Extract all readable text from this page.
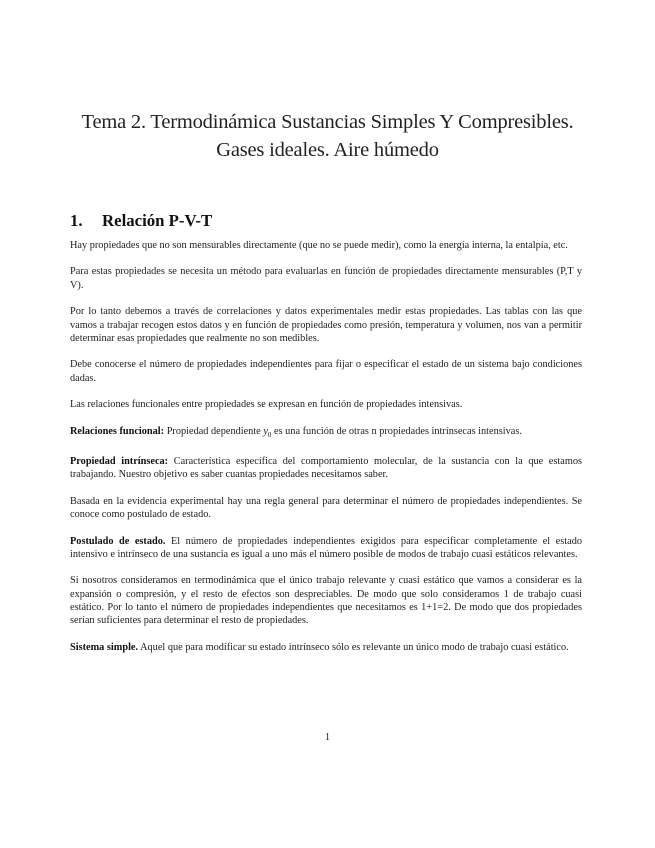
Tema 2. Termodinámica Sustancias Simples Y Compresibles. Gases ideales. Aire húmedo
1. Relación P-V-T

Hay propiedades que no son mensurables directamente (que no se puede medir), como la energía interna, la entalpía, etc.

Para estas propiedades se necesita un método para evaluarlas en función de propiedades directamente mensurables (P,T y V).

Por lo tanto debemos a través de correlaciones y datos experimentales medir estas propiedades. Las tablas con las que vamos a trabajar recogen estos datos y en función de propiedades como presión, temperatura y volumen, nos van a permitir determinar esas propiedades que realmente no son medibles.

Debe conocerse el número de propiedades independientes para fijar o especificar el estado de un sistema bajo condiciones dadas.

Las relaciones funcionales entre propiedades se expresan en función de propiedades intensivas.

Relaciones funcional: Propiedad dependiente $y_0$ es una función de otras n propiedades intrínsecas intensivas.

Propiedad intrínseca: Característica específica del comportamiento molecular, de la sustancia con la que estamos trabajando. Nuestro objetivo es saber cuantas propiedades necesitamos saber.

Basada en la evidencia experimental hay una regla general para determinar el número de propiedades independientes. Se conoce como postulado de estado.

Postulado de estado. El número de propiedades independientes exigidos para especificar completamente el estado intensivo e intrínseco de una sustancia es igual a uno más el número posible de modos de trabajo cuasi estáticos relevantes.

Si nosotros consideramos en termodinámica que el único trabajo relevante y cuasi estático que vamos a considerar es la expansión o compresión, y el resto de efectos son despreciables. De modo que solo consideramos 1 de trabajo cuasi estático. Por lo tanto el número de propiedades independientes que necesitamos es 1+1=2. De modo que dos propiedades serían suficientes para determinar el resto de propiedades.

Sistema simple. Aquel que para modificar su estado intrínseco sólo es relevante un único modo de trabajo cuasi estático.

1
